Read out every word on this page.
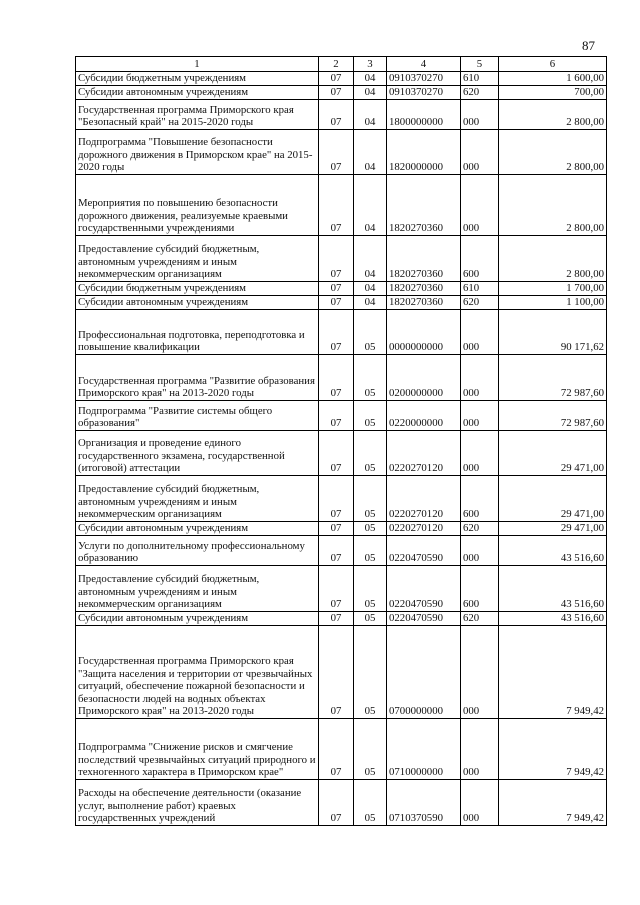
87
1	2	3	4	5	6
Субсидии бюджетным учреждениям	07	04	0910370270	610	1 600,00
Субсидии автономным учреждениям	07	04	0910370270	620	700,00
Государственная программа Приморского края "Безопасный край" на 2015-2020 годы	07	04	1800000000	000	2 800,00
Подпрограмма "Повышение безопасности дорожного движения в Приморском крае" на 2015-2020 годы	07	04	1820000000	000	2 800,00
Мероприятия по повышению безопасности дорожного движения, реализуемые краевыми государственными учреждениями	07	04	1820270360	000	2 800,00
Предоставление субсидий бюджетным, автономным учреждениям и иным некоммерческим организациям	07	04	1820270360	600	2 800,00
Субсидии бюджетным учреждениям	07	04	1820270360	610	1 700,00
Субсидии автономным учреждениям	07	04	1820270360	620	1 100,00
Профессиональная подготовка, переподготовка и повышение квалификации	07	05	0000000000	000	90 171,62
Государственная программа "Развитие образования Приморского края" на 2013-2020 годы	07	05	0200000000	000	72 987,60
Подпрограмма "Развитие системы общего образования"	07	05	0220000000	000	72 987,60
Организация и проведение единого государственного экзамена, государственной (итоговой) аттестации	07	05	0220270120	000	29 471,00
Предоставление субсидий бюджетным, автономным учреждениям и иным некоммерческим организациям	07	05	0220270120	600	29 471,00
Субсидии автономным учреждениям	07	05	0220270120	620	29 471,00
Услуги по дополнительному профессиональному образованию	07	05	0220470590	000	43 516,60
Предоставление субсидий бюджетным, автономным учреждениям и иным некоммерческим организациям	07	05	0220470590	600	43 516,60
Субсидии автономным учреждениям	07	05	0220470590	620	43 516,60
Государственная программа Приморского края "Защита населения и территории от чрезвычайных ситуаций, обеспечение пожарной безопасности и безопасности людей на водных объектах Приморского края" на 2013-2020 годы	07	05	0700000000	000	7 949,42
Подпрограмма "Снижение рисков и смягчение последствий чрезвычайных ситуаций природного и техногенного характера в Приморском крае"	07	05	0710000000	000	7 949,42
Расходы на обеспечение деятельности (оказание услуг, выполнение работ) краевых государственных учреждений	07	05	0710370590	000	7 949,42
